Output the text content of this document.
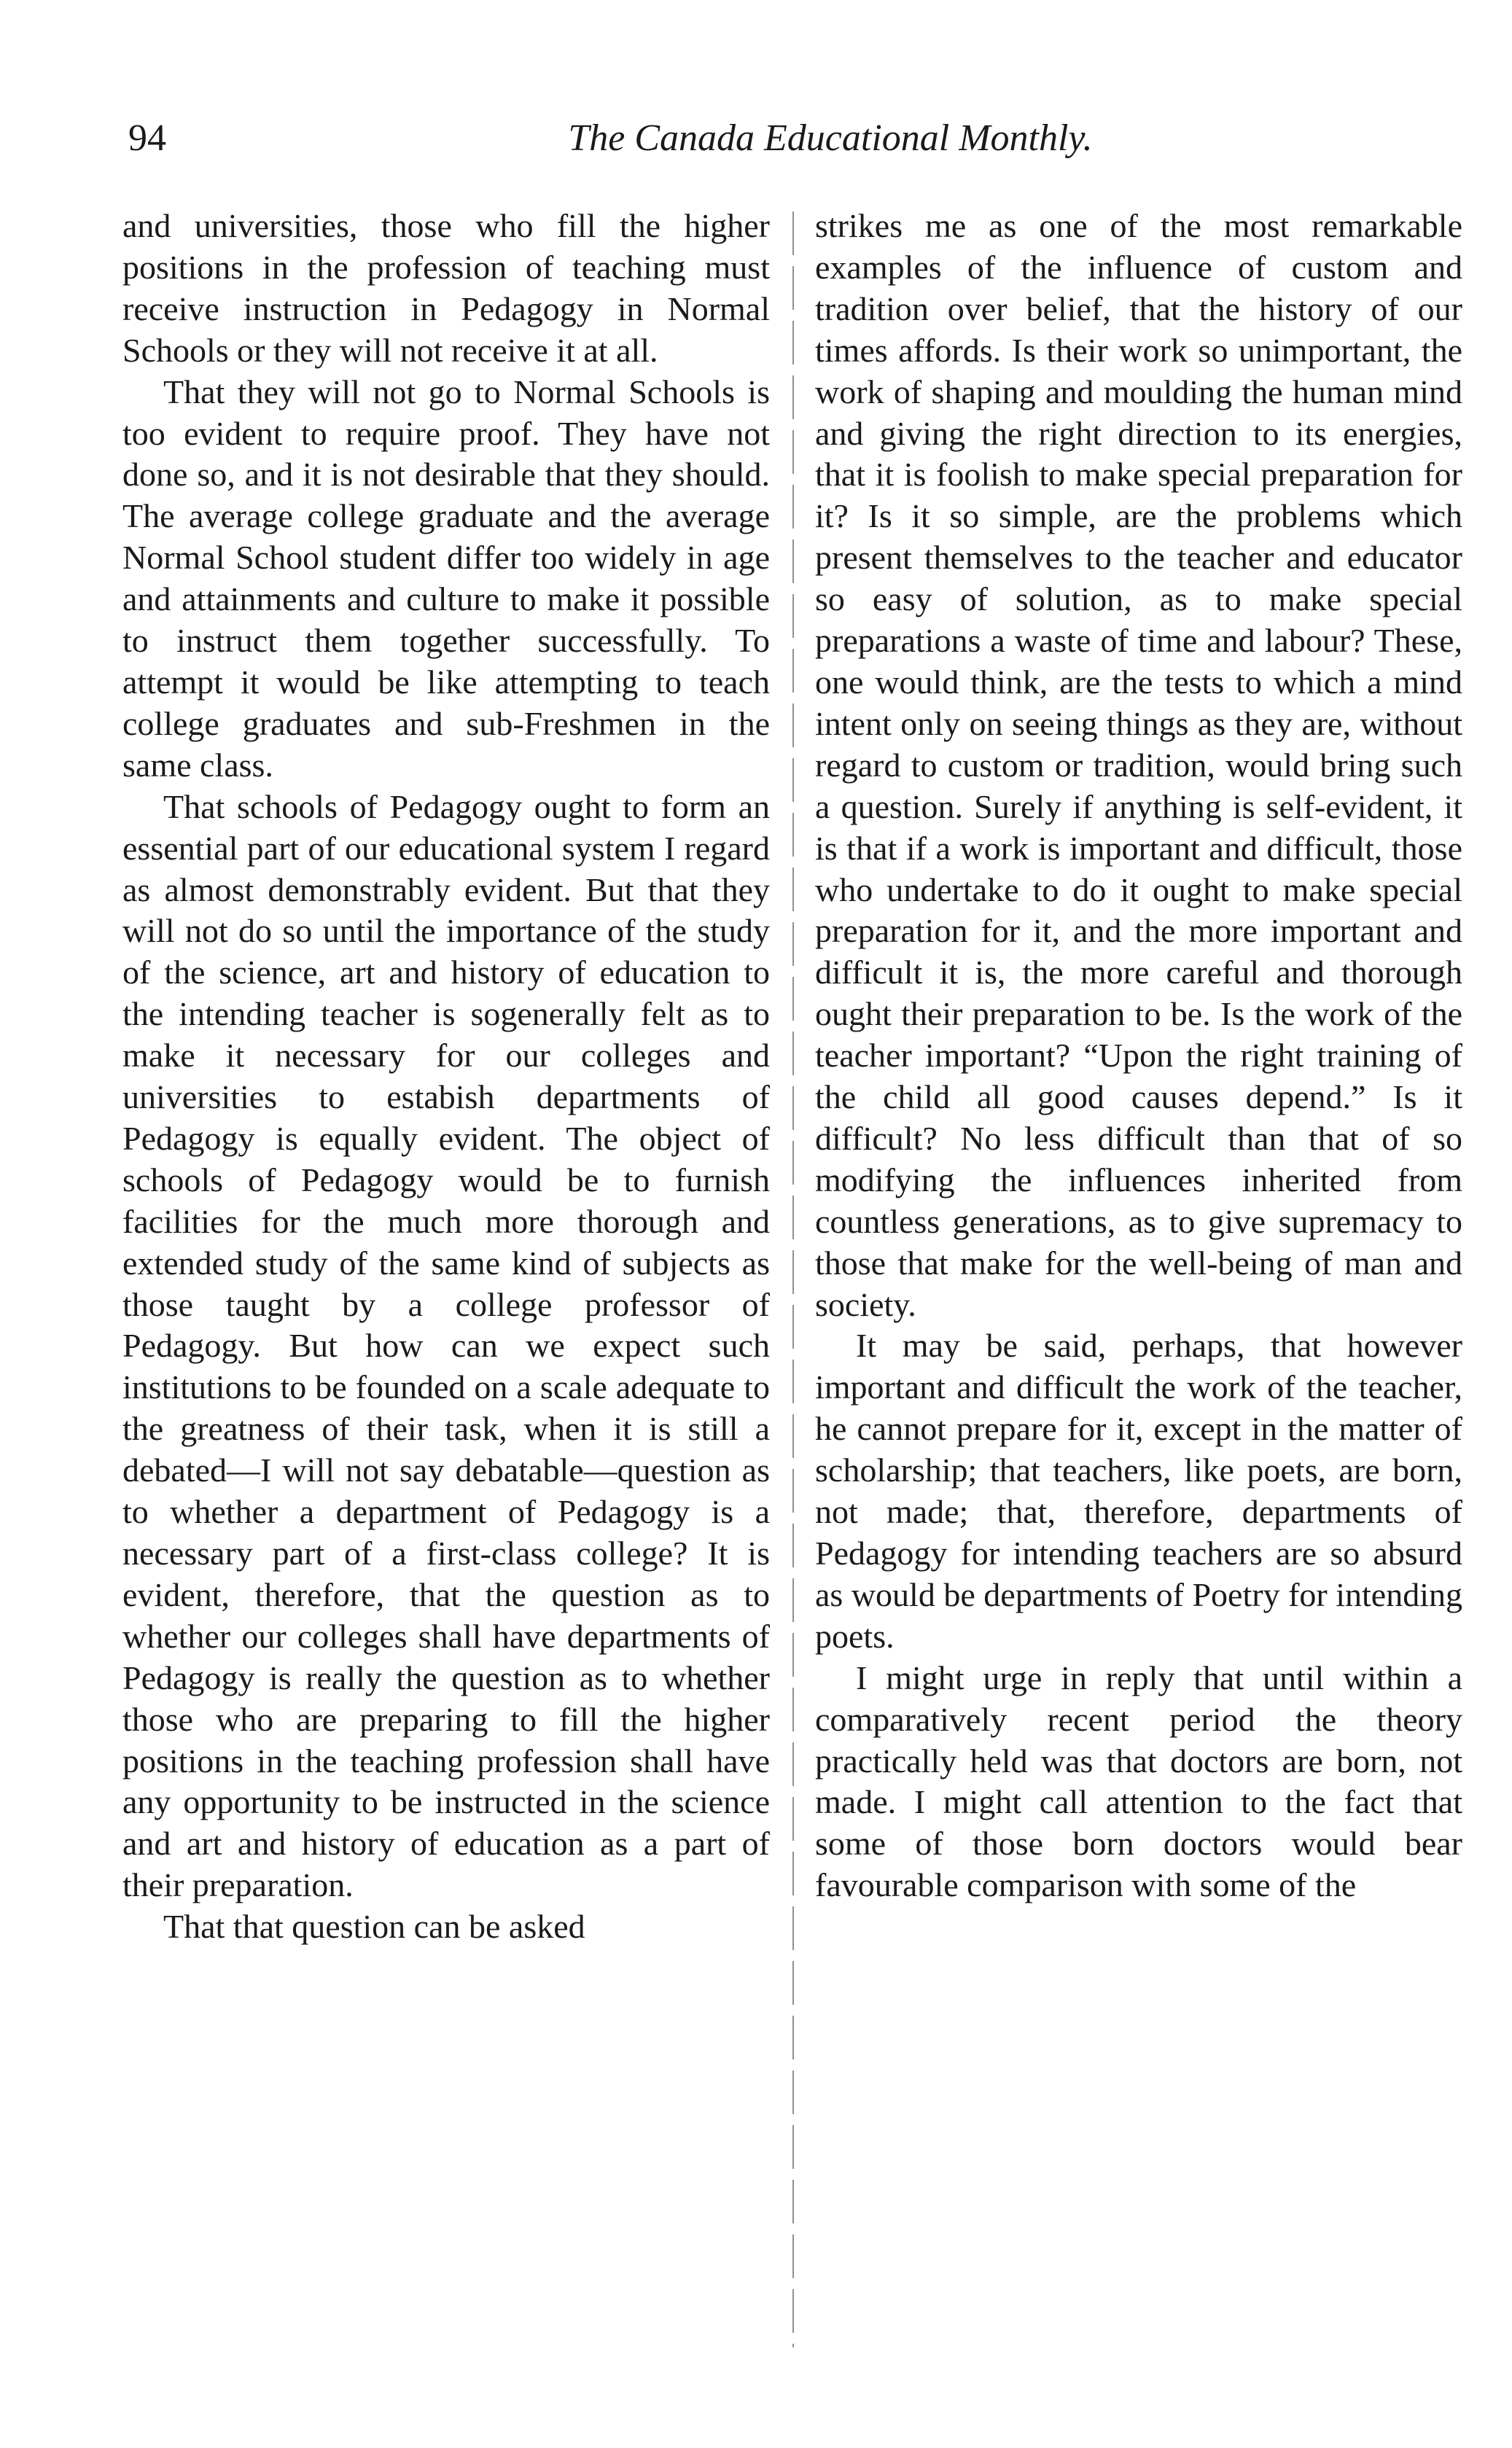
94	The Canada Educational Monthly.

and universities, those who fill the higher positions in the profession of teaching must receive instruction in Pedagogy in Normal Schools or they will not receive it at all.

That they will not go to Normal Schools is too evident to require proof. They have not done so, and it is not desirable that they should. The average college graduate and the average Normal School student differ too widely in age and attainments and culture to make it possible to instruct them together successfully. To attempt it would be like attempting to teach college graduates and sub-Freshmen in the same class.

That schools of Pedagogy ought to form an essential part of our educational system I regard as almost demonstrably evident. But that they will not do so until the importance of the study of the science, art and history of education to the intending teacher is sogenerally felt as to make it necessary for our colleges and universities to estabish departments of Pedagogy is equally evident. The object of schools of Pedagogy would be to furnish facilities for the much more thorough and extended study of the same kind of subjects as those taught by a college professor of Pedagogy. But how can we expect such institutions to be founded on a scale adequate to the greatness of their task, when it is still a debated—I will not say debatable—question as to whether a department of Pedagogy is a necessary part of a first-class college? It is evident, therefore, that the question as to whether our colleges shall have departments of Pedagogy is really the question as to whether those who are preparing to fill the higher positions in the teaching profession shall have any opportunity to be instructed in the science and art and history of education as a part of their preparation.

That that question can be asked

strikes me as one of the most remarkable examples of the influence of custom and tradition over belief, that the history of our times affords. Is their work so unimportant, the work of shaping and moulding the human mind and giving the right direction to its energies, that it is foolish to make special preparation for it? Is it so simple, are the problems which present themselves to the teacher and educator so easy of solution, as to make special preparations a waste of time and labour? These, one would think, are the tests to which a mind intent only on seeing things as they are, without regard to custom or tradition, would bring such a question. Surely if anything is self-evident, it is that if a work is important and difficult, those who undertake to do it ought to make special preparation for it, and the more important and difficult it is, the more careful and thorough ought their preparation to be. Is the work of the teacher important? “Upon the right training of the child all good causes depend.” Is it difficult? No less difficult than that of so modifying the influences inherited from countless generations, as to give supremacy to those that make for the well-being of man and society.

It may be said, perhaps, that however important and difficult the work of the teacher, he cannot prepare for it, except in the matter of scholarship; that teachers, like poets, are born, not made; that, therefore, departments of Pedagogy for intending teachers are so absurd as would be departments of Poetry for intending poets.

I might urge in reply that until within a comparatively recent period the theory practically held was that doctors are born, not made. I might call attention to the fact that some of those born doctors would bear favourable comparison with some of the
